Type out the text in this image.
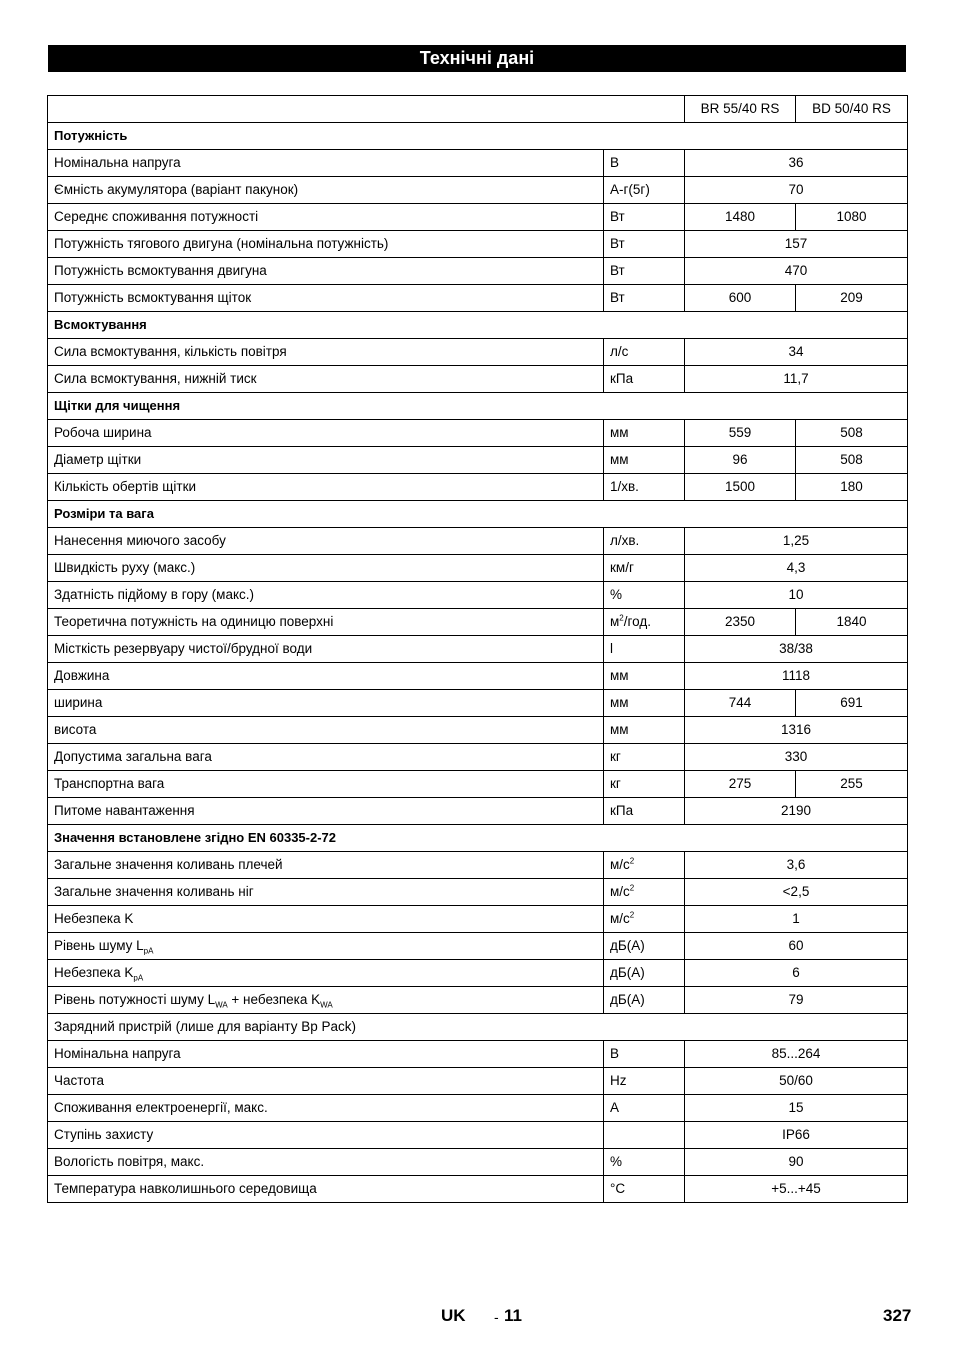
Технічні дані
		BR 55/40 RS	BD 50/40 RS
Потужність			
Номінальна напруга	В	36	
Ємність акумулятора (варіант пакунок)	А-г(5г)	70	
Середнє споживання потужності	Вт	1480	1080
Потужність тягового двигуна (номінальна потужність)	Вт	157	
Потужність всмоктування двигуна	Вт	470	
Потужність всмоктування щіток	Вт	600	209
Всмоктування			
Сила всмоктування, кількість повітря	л/с	34	
Сила всмоктування, нижній тиск	кПа	11,7	
Щітки для чищення			
Робоча ширина	мм	559	508
Діаметр щітки	мм	96	508
Кількість обертів щітки	1/хв.	1500	180
Розміри та вага			
Нанесення миючого засобу	л/хв.	1,25	
Швидкість руху (макс.)	км/г	4,3	
Здатність підйому в гору (макс.)	%	10	
Теоретична потужність на одиницю поверхні	$м^2$/год.	2350	1840
Місткість резервуару чистої/брудної води	l	38/38	
Довжина	мм	1118	
ширина	мм	744	691
висота	мм	1316	
Допустима загальна вага	кг	330	
Транспортна вага	кг	275	255
Питоме навантаження	кПа	2190	
Значення встановлене згідно EN 60335-2-72			
Загальне значення коливань плечей	$м/с^2$	3,6	
Загальне значення коливань ніг	$м/с^2$	<2,5	
Небезпека K	$м/с^2$	1	
Рівень шуму $L_{pA}$	дБ(А)	60	
Небезпека $K_{pA}$	дБ(А)	6	
Рівень потужності шуму $L_{WA}$ + небезпека $K_{WA}$	дБ(А)	79	
Зарядний пристрій (лише для варіанту Bp Pack)			
Номінальна напруга	В	85...264	
Частота	Hz	50/60	
Споживання електроенергії, макс.	A	15	
Ступінь захисту		IP66	
Вологість повітря, макс.	%	90	
Температура навколишнього середовища	°C	+5...+45	
UK - 11	327
